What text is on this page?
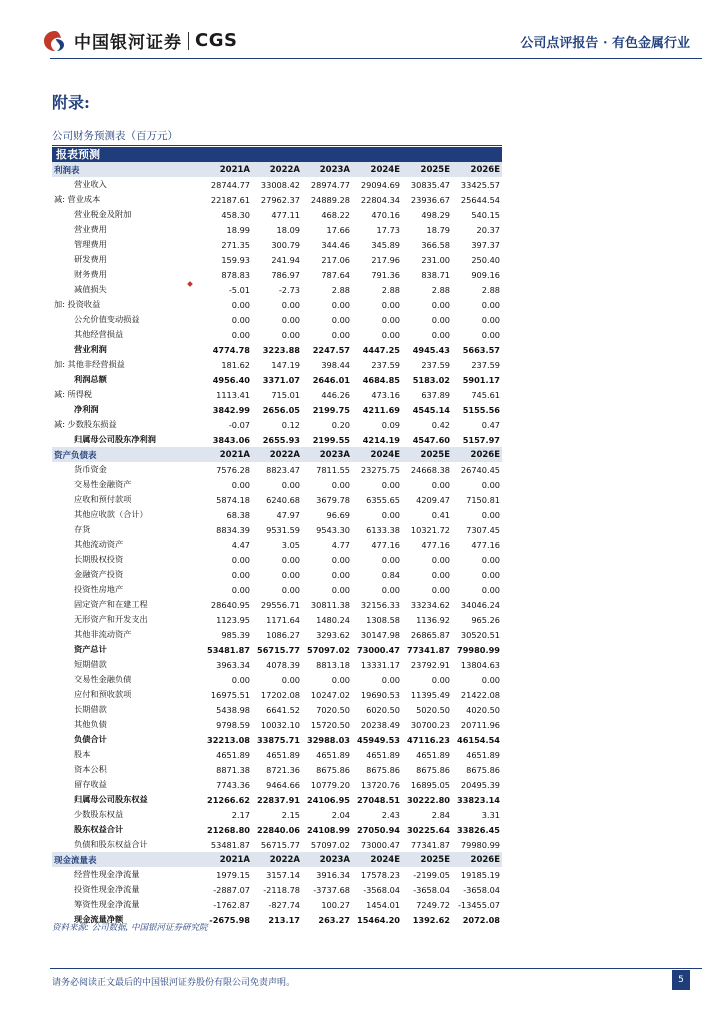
中国银河证券 CGS	公司点评报告 · 有色金属行业
附录:
公司财务预测表（百万元）
报表预测
利润表	2021A	2022A	2023A	2024E	2025E	2026E
营业收入	28744.77	33008.42	28974.77	29094.69	30835.47	33425.57
减: 营业成本	22187.61	27962.37	24889.28	22804.34	23936.67	25644.54
营业税金及附加	458.30	477.11	468.22	470.16	498.29	540.15
营业费用	18.99	18.09	17.66	17.73	18.79	20.37
管理费用	271.35	300.79	344.46	345.89	366.58	397.37
研发费用	159.93	241.94	217.06	217.96	231.00	250.40
财务费用	878.83	786.97	787.64	791.36	838.71	909.16
减值损失	-5.01	-2.73	2.88	2.88	2.88	2.88
加: 投资收益	0.00	0.00	0.00	0.00	0.00	0.00
公允价值变动损益	0.00	0.00	0.00	0.00	0.00	0.00
其他经营损益	0.00	0.00	0.00	0.00	0.00	0.00
营业利润	4774.78	3223.88	2247.57	4447.25	4945.43	5663.57
加: 其他非经营损益	181.62	147.19	398.44	237.59	237.59	237.59
利润总额	4956.40	3371.07	2646.01	4684.85	5183.02	5901.17
减: 所得税	1113.41	715.01	446.26	473.16	637.89	745.61
净利润	3842.99	2656.05	2199.75	4211.69	4545.14	5155.56
减: 少数股东损益	-0.07	0.12	0.20	0.09	0.42	0.47
归属母公司股东净利润	3843.06	2655.93	2199.55	4214.19	4547.60	5157.97
资产负债表	2021A	2022A	2023A	2024E	2025E	2026E
货币资金	7576.28	8823.47	7811.55	23275.75	24668.38	26740.45
交易性金融资产	0.00	0.00	0.00	0.00	0.00	0.00
应收和预付款项	5874.18	6240.68	3679.78	6355.65	4209.47	7150.81
其他应收款（合计）	68.38	47.97	96.69	0.00	0.41	0.00
存货	8834.39	9531.59	9543.30	6133.38	10321.72	7307.45
其他流动资产	4.47	3.05	4.77	477.16	477.16	477.16
长期股权投资	0.00	0.00	0.00	0.00	0.00	0.00
金融资产投资	0.00	0.00	0.00	0.84	0.00	0.00
投资性房地产	0.00	0.00	0.00	0.00	0.00	0.00
固定资产和在建工程	28640.95	29556.71	30811.38	32156.33	33234.62	34046.24
无形资产和开发支出	1123.95	1171.64	1480.24	1308.58	1136.92	965.26
其他非流动资产	985.39	1086.27	3293.62	30147.98	26865.87	30520.51
资产总计	53481.87	56715.77	57097.02	73000.47	77341.87	79980.99
短期借款	3963.34	4078.39	8813.18	13331.17	23792.91	13804.63
交易性金融负债	0.00	0.00	0.00	0.00	0.00	0.00
应付和预收款项	16975.51	17202.08	10247.02	19690.53	11395.49	21422.08
长期借款	5438.98	6641.52	7020.50	6020.50	5020.50	4020.50
其他负债	9798.59	10032.10	15720.50	20238.49	30700.23	20711.96
负债合计	32213.08	33875.71	32988.03	45949.53	47116.23	46154.54
股本	4651.89	4651.89	4651.89	4651.89	4651.89	4651.89
资本公积	8871.38	8721.36	8675.86	8675.86	8675.86	8675.86
留存收益	7743.36	9464.66	10779.20	13720.76	16895.05	20495.39
归属母公司股东权益	21266.62	22837.91	24106.95	27048.51	30222.80	33823.14
少数股东权益	2.17	2.15	2.04	2.43	2.84	3.31
股东权益合计	21268.80	22840.06	24108.99	27050.94	30225.64	33826.45
负债和股东权益合计	53481.87	56715.77	57097.02	73000.47	77341.87	79980.99
现金流量表	2021A	2022A	2023A	2024E	2025E	2026E
经营性现金净流量	1979.15	3157.14	3916.34	17578.23	-2199.05	19185.19
投资性现金净流量	-2887.07	-2118.78	-3737.68	-3568.04	-3658.04	-3658.04
筹资性现金净流量	-1762.87	-827.74	100.27	1454.01	7249.72	-13455.07
现金流量净额	-2675.98	213.17	263.27	15464.20	1392.62	2072.08
资料来源: 公司数据, 中国银河证券研究院
请务必阅读正文最后的中国银河证券股份有限公司免责声明。	5
